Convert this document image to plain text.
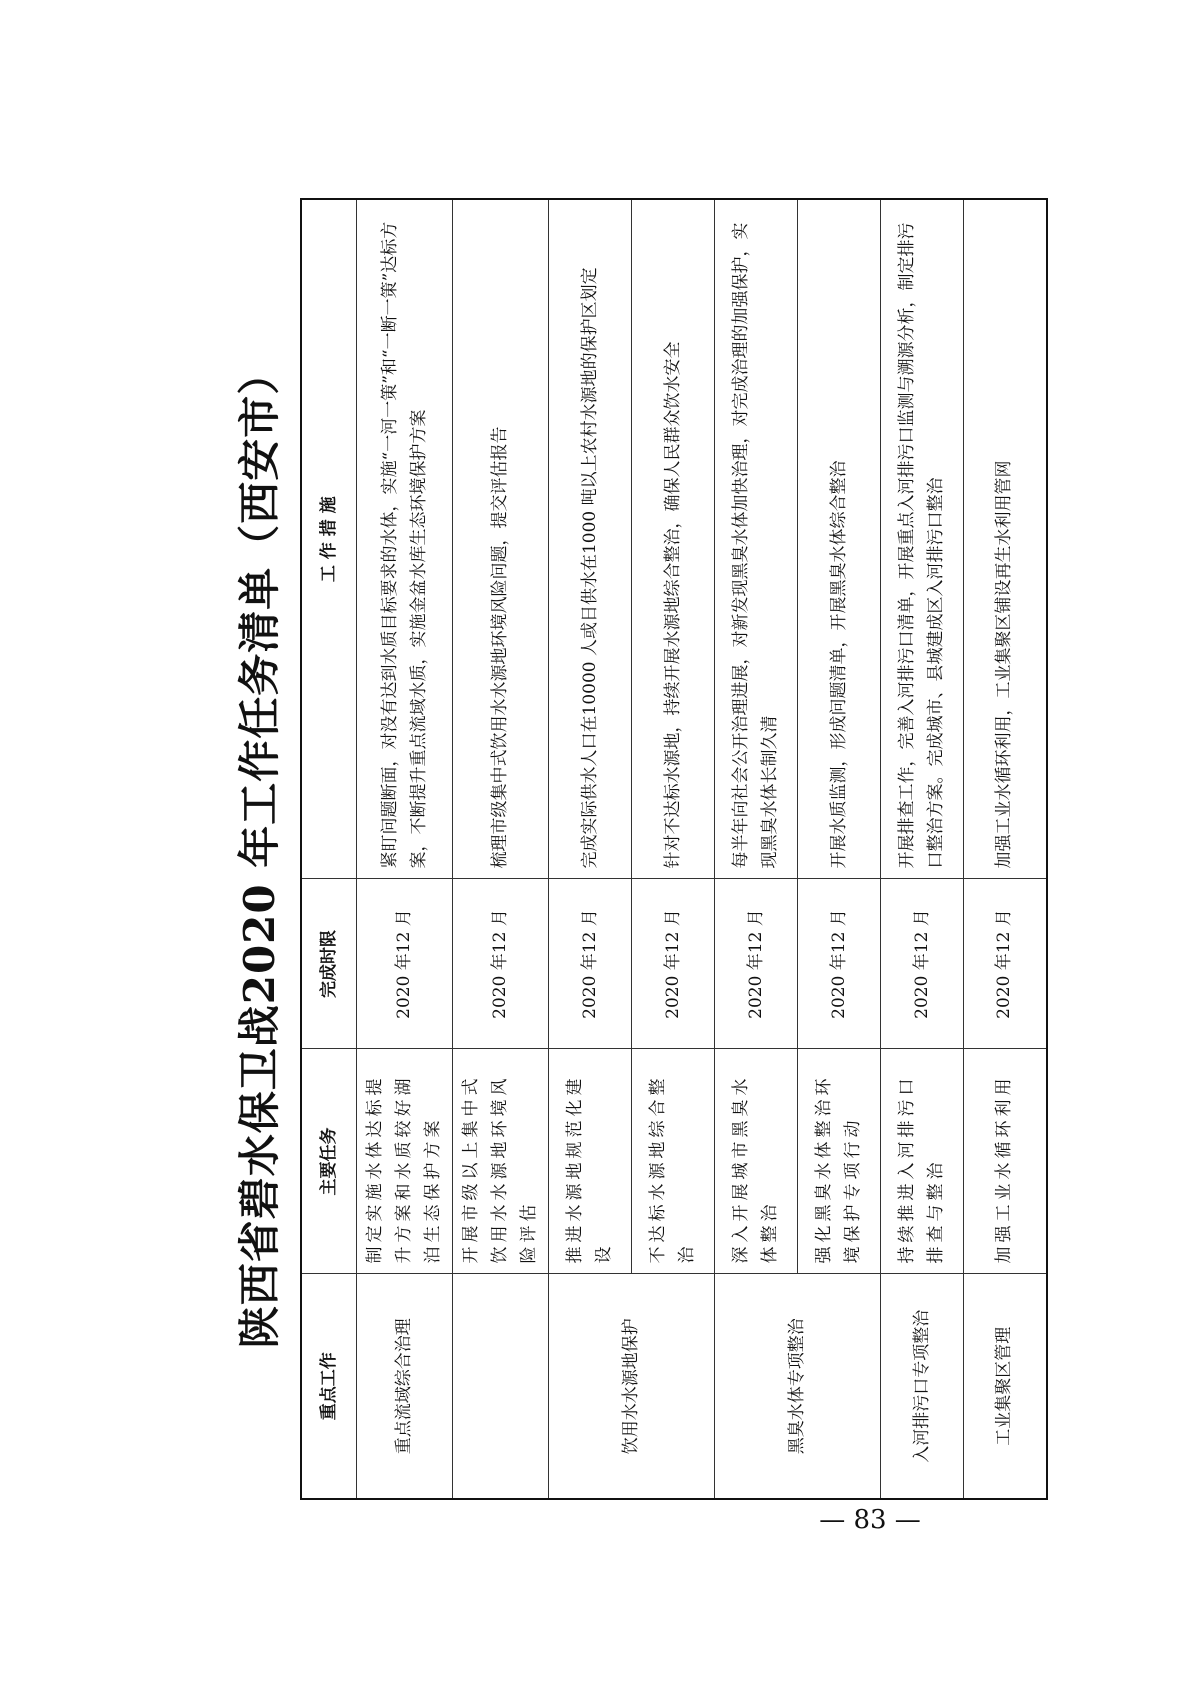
陕西省碧水保卫战2020 年工作任务清单（西安市）
重点工作	主要任务	完成时限	工 作 措 施
重点流域综合治理	制定实施水体达标提升方案和水质较好湖泊生态保护方案	2020 年12 月	紧盯问题断面，对没有达到水质目标要求的水体，实施“一河一策”和“一断一策”达标方案，不断提升重点流域水质，实施金盆水库生态环境保护方案
	开展市级以上集中式饮用水水源地环境风险评估	2020 年12 月	梳理市级集中式饮用水水源地环境风险问题，提交评估报告
饮用水水源地保护	推进水源地规范化建设	2020 年12 月	完成实际供水人口在10000 人或日供水在1000 吨以上农村水源地的保护区划定
	不达标水源地综合整治	2020 年12 月	针对不达标水源地，持续开展水源地综合整治，确保人民群众饮水安全
黑臭水体专项整治	深入开展城市黑臭水体整治	2020 年12 月	每半年向社会公开治理进展，对新发现黑臭水体加快治理，对完成治理的加强保护，实现黑臭水体长制久清
	强化黑臭水体整治环境保护专项行动	2020 年12 月	开展水质监测，形成问题清单，开展黑臭水体综合整治
入河排污口专项整治	持续推进入河排污口排查与整治	2020 年12 月	开展排查工作，完善入河排污口清单，开展重点入河排污口监测与溯源分析，制定排污口整治方案。完成城市、县城建成区入河排污口整治
工业集聚区管理	加强工业水循环利用	2020 年12 月	加强工业水循环利用，工业集聚区铺设再生水利用管网
— 83 —
